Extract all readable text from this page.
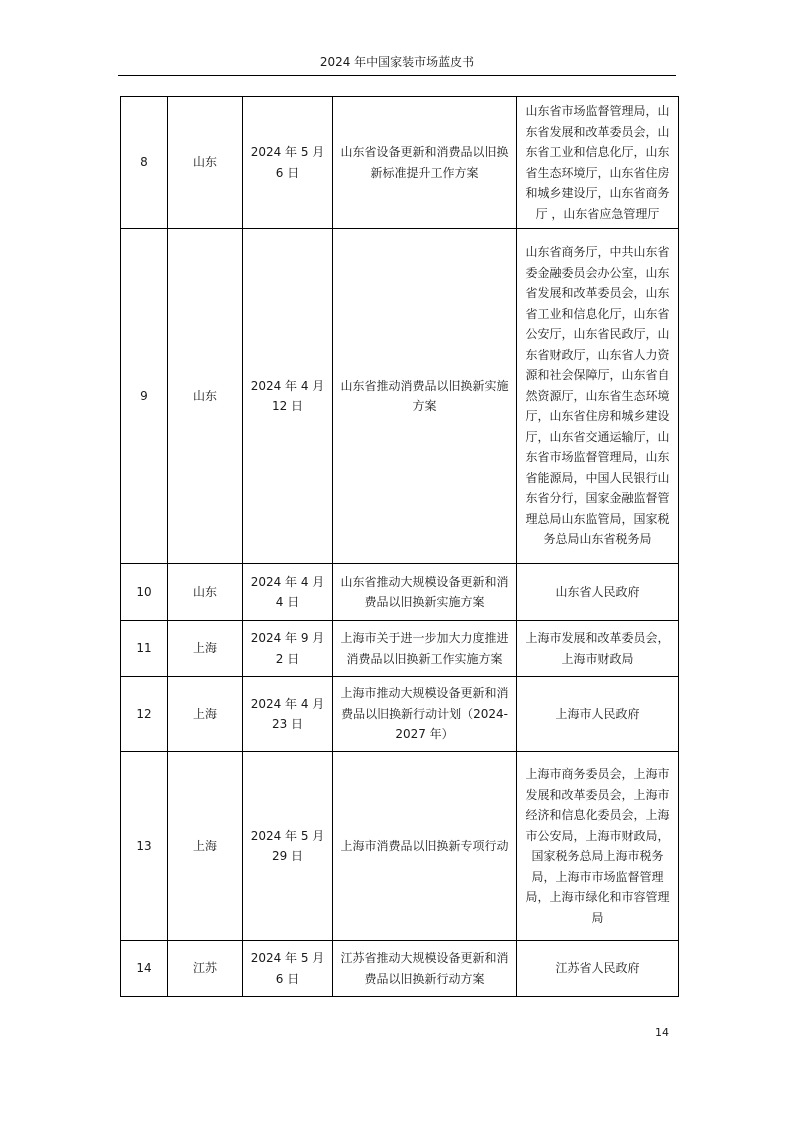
2024 年中国家装市场蓝皮书
8	山东	2024 年 5 月 6 日	山东省设备更新和消费品以旧换新标准提升工作方案	山东省市场监督管理局，山东省发展和改革委员会，山东省工业和信息化厅，山东省生态环境厅，山东省住房和城乡建设厅，山东省商务厅 ，山东省应急管理厅
9	山东	2024 年 4 月 12 日	山东省推动消费品以旧换新实施方案	山东省商务厅，中共山东省委金融委员会办公室，山东省发展和改革委员会，山东省工业和信息化厅，山东省公安厅，山东省民政厅，山东省财政厅，山东省人力资源和社会保障厅，山东省自然资源厅，山东省生态环境厅，山东省住房和城乡建设厅，山东省交通运输厅，山东省市场监督管理局，山东省能源局，中国人民银行山东省分行，国家金融监督管理总局山东监管局，国家税务总局山东省税务局
10	山东	2024 年 4 月 4 日	山东省推动大规模设备更新和消费品以旧换新实施方案	山东省人民政府
11	上海	2024 年 9 月 2 日	上海市关于进一步加大力度推进消费品以旧换新工作实施方案	上海市发展和改革委员会，上海市财政局
12	上海	2024 年 4 月 23 日	上海市推动大规模设备更新和消费品以旧换新行动计划（2024-2027 年）	上海市人民政府
13	上海	2024 年 5 月 29 日	上海市消费品以旧换新专项行动	上海市商务委员会，上海市发展和改革委员会，上海市经济和信息化委员会，上海市公安局，上海市财政局，国家税务总局上海市税务局，上海市市场监督管理局，上海市绿化和市容管理局
14	江苏	2024 年 5 月 6 日	江苏省推动大规模设备更新和消费品以旧换新行动方案	江苏省人民政府
14
